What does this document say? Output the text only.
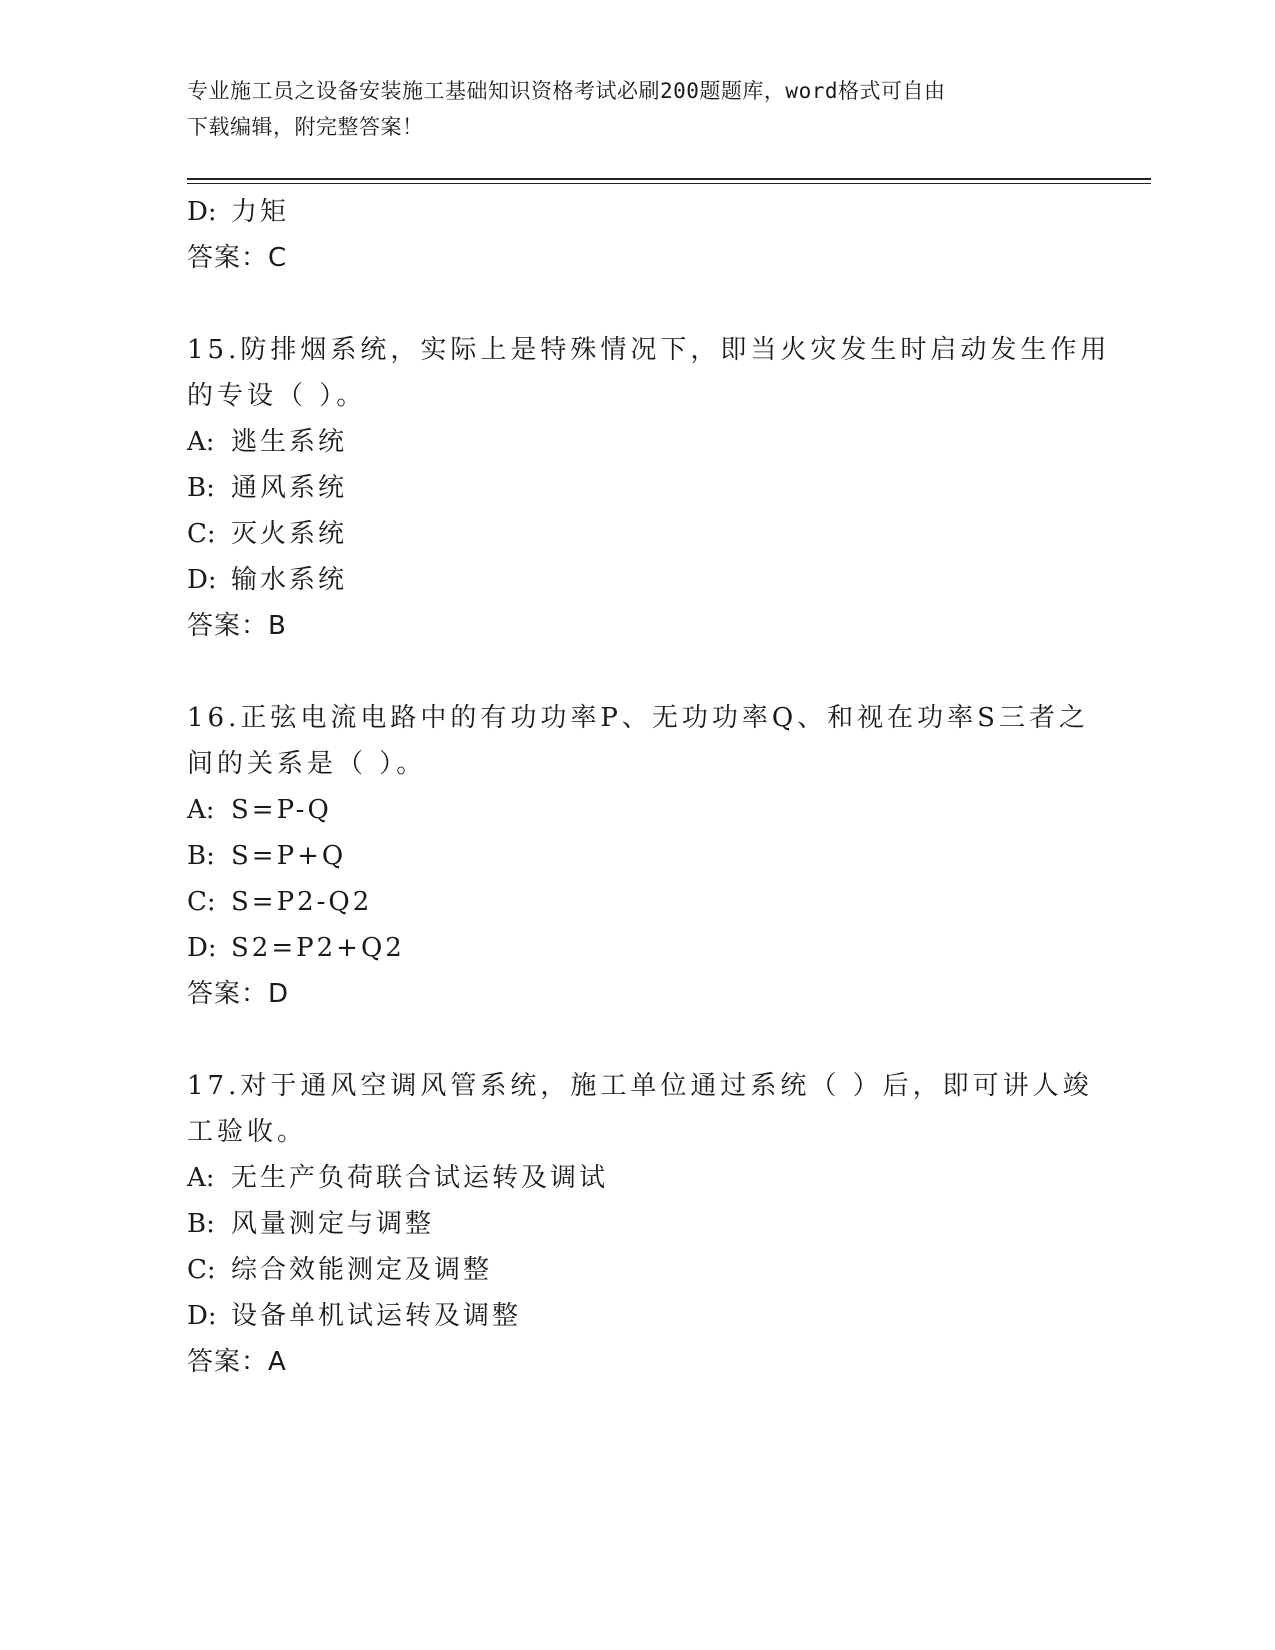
专业施工员之设备安装施工基础知识资格考试必刷200题题库，word格式可自由
下载编辑，附完整答案！
D: 力矩
答案：C
15.防排烟系统，实际上是特殊情况下，即当火灾发生时启动发生作用
的专设（ ）。
A: 逃生系统
B: 通风系统
C: 灭火系统
D: 输水系统
答案：B
16.正弦电流电路中的有功功率P、无功功率Q、和视在功率S三者之
间的关系是（ ）。
A: S=P-Q
B: S=P+Q
C: S=P2-Q2
D: S2=P2+Q2
答案：D
17.对于通风空调风管系统，施工单位通过系统（ ）后，即可讲人竣
工验收。
A: 无生产负荷联合试运转及调试
B: 风量测定与调整
C: 综合效能测定及调整
D: 设备单机试运转及调整
答案：A
